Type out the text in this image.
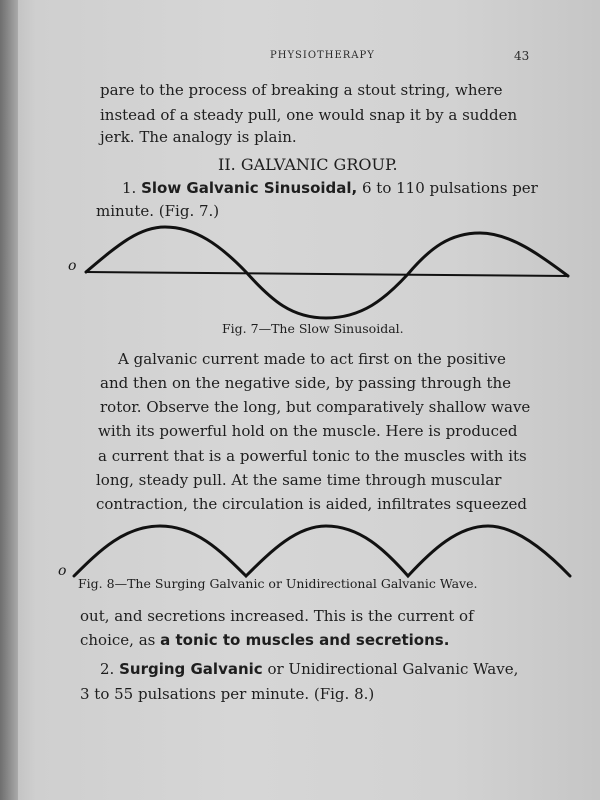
PHYSIOTHERAPY	43
pare to the process of breaking a stout string, where
instead of a steady pull, one would snap it by a sudden
jerk. The analogy is plain.
II. GALVANIC GROUP.
1. Slow Galvanic Sinusoidal, 6 to 110 pulsations per
minute. (Fig. 7.)
o
Fig. 7—The Slow Sinusoidal.
A galvanic current made to act first on the positive
and then on the negative side, by passing through the
rotor. Observe the long, but comparatively shallow wave
with its powerful hold on the muscle. Here is produced
a current that is a powerful tonic to the muscles with its
long, steady pull. At the same time through muscular
contraction, the circulation is aided, infiltrates squeezed
o
Fig. 8—The Surging Galvanic or Unidirectional Galvanic Wave.
out, and secretions increased. This is the current of
choice, as a tonic to muscles and secretions.
2. Surging Galvanic or Unidirectional Galvanic Wave,
3 to 55 pulsations per minute. (Fig. 8.)
